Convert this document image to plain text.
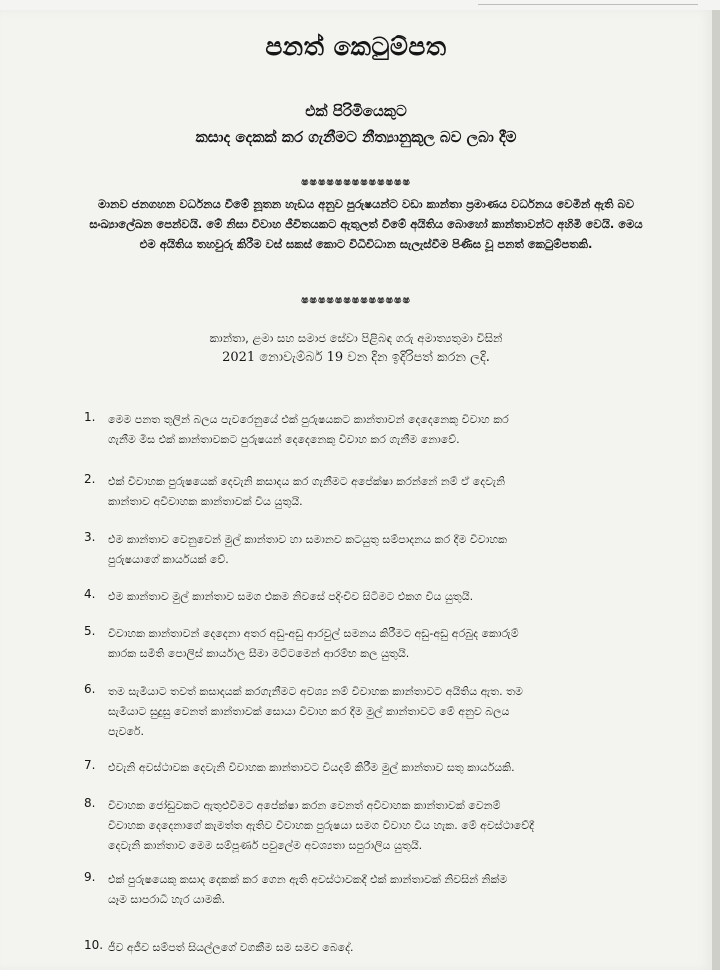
පනත් කෙටුම්පත
එක් පිරිමියෙකුට
කසාද දෙකක් කර ගැනීමට නීත්‍යානුකූල බව ලබා දීම
ෂෂෂෂෂෂෂෂෂෂෂෂෂ
මානව ජනගහන වර්ධනය වීමේ නූතන හැඩය අනුව පුරුෂයන්ට වඩා කාන්තා ප්‍රමාණය වර්ධනය වෙමින් ඇති බව සංඛ්‍යාලේඛන පෙන්වයි. මේ නිසා විවාහ ජීවිතයකට ඇතුලත් වීමේ අයිතිය බොහෝ කාන්තාවන්ට අහිමි වෙයි. මෙය එම අයිතිය තහවුරු කිරීම වස් සකස් කොට විධිවිධාන සැලැස්වීම පිණිස වූ පනත් කෙටුම්පතකි.
ෂෂෂෂෂෂෂෂෂෂෂෂෂ
කාන්තා, ළමා සහ සමාජ සේවා පිළිබඳ ගරු අමාත්‍යතුමා විසින්
2021 නොවැම්බර් 19 වන දින ඉදිරිපත් කරන ලදි.
1. මෙම පනත තුලින් බලය පැවරෙනුයේ එක් පුරුෂයකට කාන්තාවන් දෙදෙනෙකු විවාහ කර
ගැනීම මිස එක් කාන්තාවකට පුරුෂයන් දෙදෙනෙකු විවාහ කර ගැනීම නොවේ.
2. එක් විවාහක පුරුෂයෙක් දෙවැනි කසාදය කර ගැනීමට අපේක්ෂා කරන්නේ නම් ඒ දෙවැනි
කාන්තාව අවිවාහක කාන්තාවක් විය යුතුයි.
3. එම කාන්තාව වෙනුවෙන් මුල් කාන්තාව හා සමානව කටයුතු සම්පාදනය කර දීම විවාහක
පුරුෂයාගේ කාර්යයක් වේ.
4. එම කාන්තාව මුල් කාන්තාව සමග එකම නිවසේ පදිංචිව සිටීමට එකග විය යුතුයි.
5. විවාහක කාන්තාවන් දෙදෙනා අතර අඩු-අඩු ආරවුල් සමනය කිරීමට අඩු-අඩු අරබුද කොරුම්
කාරක සමිති පොලිස් කාර්යාල සීමා මට්ටමෙන් ආරම්භ කල යුතුයි.
6. තම සැමියාට තවත් කසාදයක් කරගැනීමට අවශ්‍ය නම් විවාහක කාන්තාවට අයිතිය ඇත. තම
සැමියාට සුදුසු වෙනත් කාන්තාවක් සොයා විවාහ කර දීම මුල් කාන්තාවට මේ අනුව බලය
පැවරේ.
7. එවැනි අවස්ථාවක දෙවැනි විවාහක කාන්තාවට වියදම් කිරීම මුල් කාන්තාව සතු කාර්යයකි.
8. විවාහක ජෝඩුවකට ඇතුළුවීමට අපේක්ෂා කරන වෙනත් අවිවාහක කාන්තාවක් වෙනම්
විවාහක දෙදෙනාගේ කැමත්ත ඇතිව විවාහක පුරුෂයා සමග විවාහ විය හැක. මේ අවස්ථාවේදී
දෙවැනි කාන්තාව මෙම සම්පූර්ණ පවුලේම අවශ්‍යතා සපුරාලිය යුතුයි.
9. එක් පුරුෂයෙකු කසාද දෙකක් කර ගෙන ඇති අවස්ථාවකදී එක් කාන්තාවක් නිවසින් නික්ම
යෑම සාපරාධී හැර යාමකි.
10. ජීව අජීව සම්පත් සියල්ලගේ වගකීම සම සමව බෙදේ.
